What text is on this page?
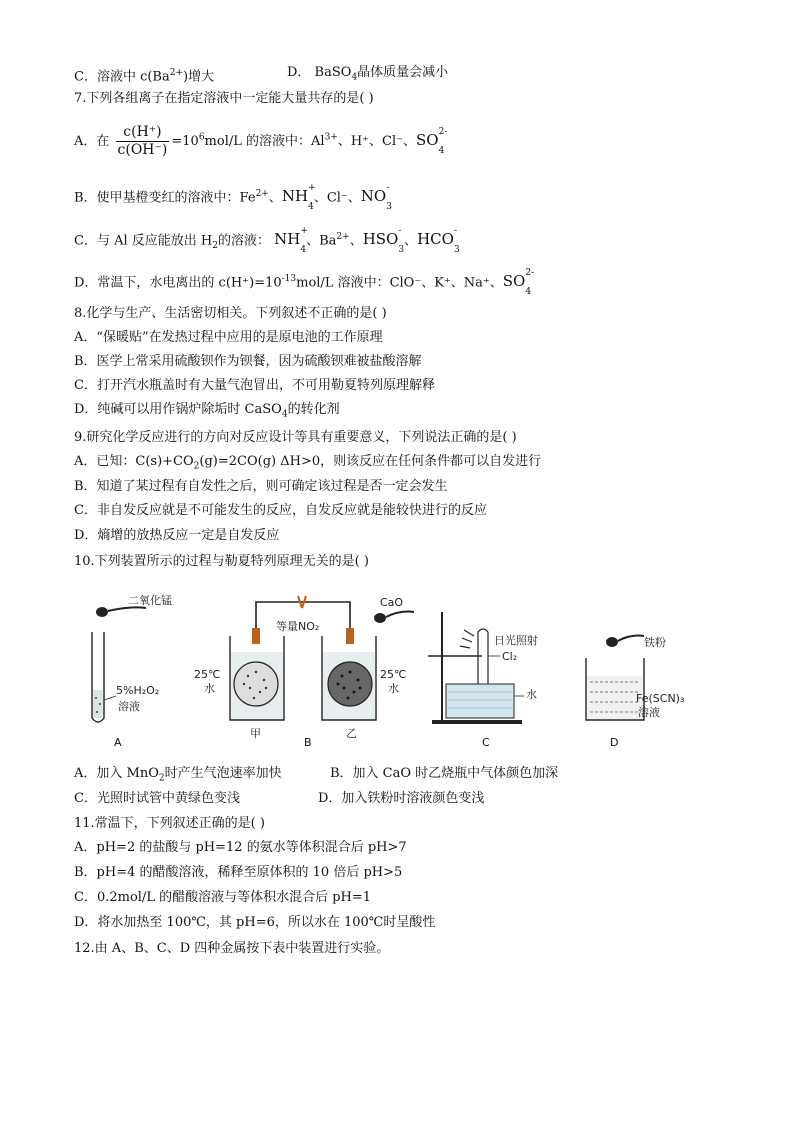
C．溶液中 $c(Ba^{2+})$增大	D． BaSO$_4$晶体质量会减小
7.下列各组离子在指定溶液中一定能大量共存的是( )
A．在 $\frac{c(H^+)}{c(OH^-)} =10^6mol/L$ 的溶液中：$Al^{3+}$、H⁺、Cl⁻、SO 2-
$_4$
B．使甲基橙变红的溶液中：$Fe^{2+}$、NH +
$_4$、Cl⁻、NO -
$_3$
C．与 Al 反应能放出 $H_2$的溶液： NH +
$_4$、$Ba^{2+}$、HSO -
$_3$、HCO -
$_3$
D．常温下，水电离出的 $c(H^+)=10^{-13}mol/L$ 溶液中：ClO⁻、K⁺、Na⁺、SO 2-
$_4$
8.化学与生产、生活密切相关。下列叙述不正确的是( )
A．“保暖贴”在发热过程中应用的是原电池的工作原理
B．医学上常采用硫酸钡作为钡餐，因为硫酸钡难被盐酸溶解
C．打开汽水瓶盖时有大量气泡冒出，不可用勒夏特列原理解释
D．纯碱可以用作锅炉除垢时 CaSO$_4$的转化剂
9.研究化学反应进行的方向对反应设计等具有重要意义，下列说法正确的是( )
A．已知：$C(s)+CO_2(g)=2CO(g)$ ΔH>0，则该反应在任何条件都可以自发进行
B．知道了某过程有自发性之后，则可确定该过程是否一定会发生
C．非自发反应就是不可能发生的反应，自发反应就是能较快进行的反应
D．熵增的放热反应一定是自发反应
10.下列装置所示的过程与勒夏特列原理无关的是( )
二氧化锰
5%H₂O₂
溶液
A
等量NO₂
25℃
水
甲
25℃
水
乙
CaO
B
日光照射
Cl₂
水
C
铁粉
Fe(SCN)₃
溶液
D
A．加入 MnO$_2$时产生气泡速率加快	B．加入 CaO 时乙烧瓶中气体颜色加深
C．光照时试管中黄绿色变浅	D．加入铁粉时溶液颜色变浅
11.常温下，下列叙述正确的是( )
A．pH=2 的盐酸与 pH=12 的氨水等体积混合后 pH>7
B．pH=4 的醋酸溶液，稀释至原体积的 10 倍后 pH>5
C．0.2mol/L 的醋酸溶液与等体积水混合后 pH=1
D．将水加热至 100℃，其 pH=6，所以水在 100℃时呈酸性
12.由 A、B、C、D 四种金属按下表中装置进行实验。
